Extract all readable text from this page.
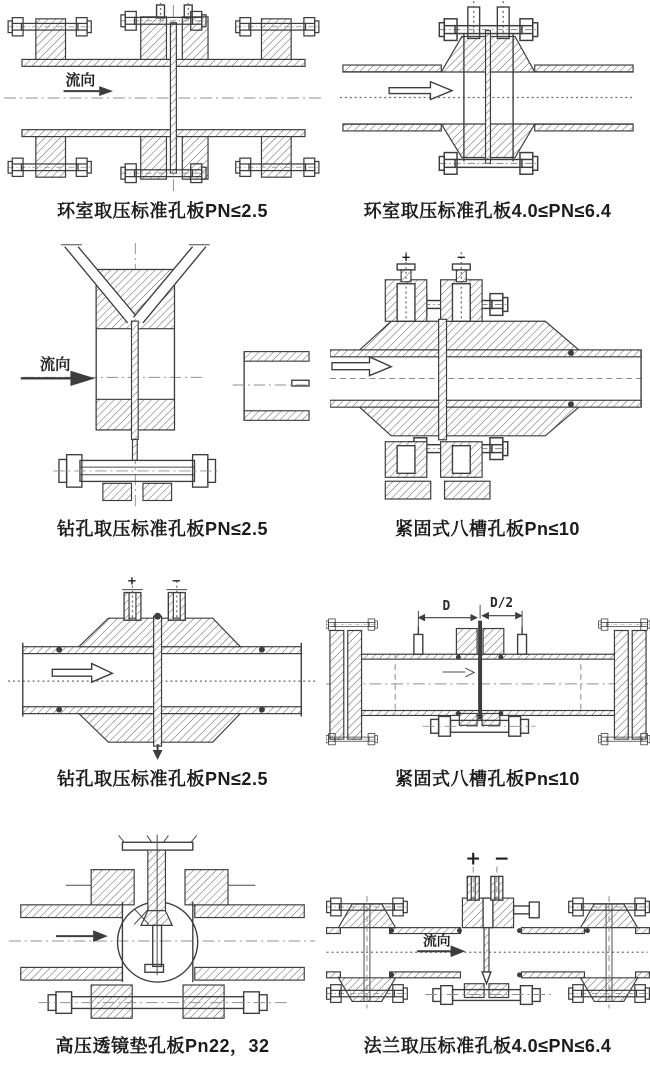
流向
环室取压标准孔板PN≤2.5	环室取压标准孔板4.0≤PN≤6.4
流向
钻孔取压标准孔板PN≤2.5
+	−
紧固式八槽孔板Pn≤10
+	−
钻孔取压标准孔板PN≤2.5
D	D/2
紧固式八槽孔板Pn≤10
高压透镜垫孔板Pn22，32
+ −
流向
法兰取压标准孔板4.0≤PN≤6.4
